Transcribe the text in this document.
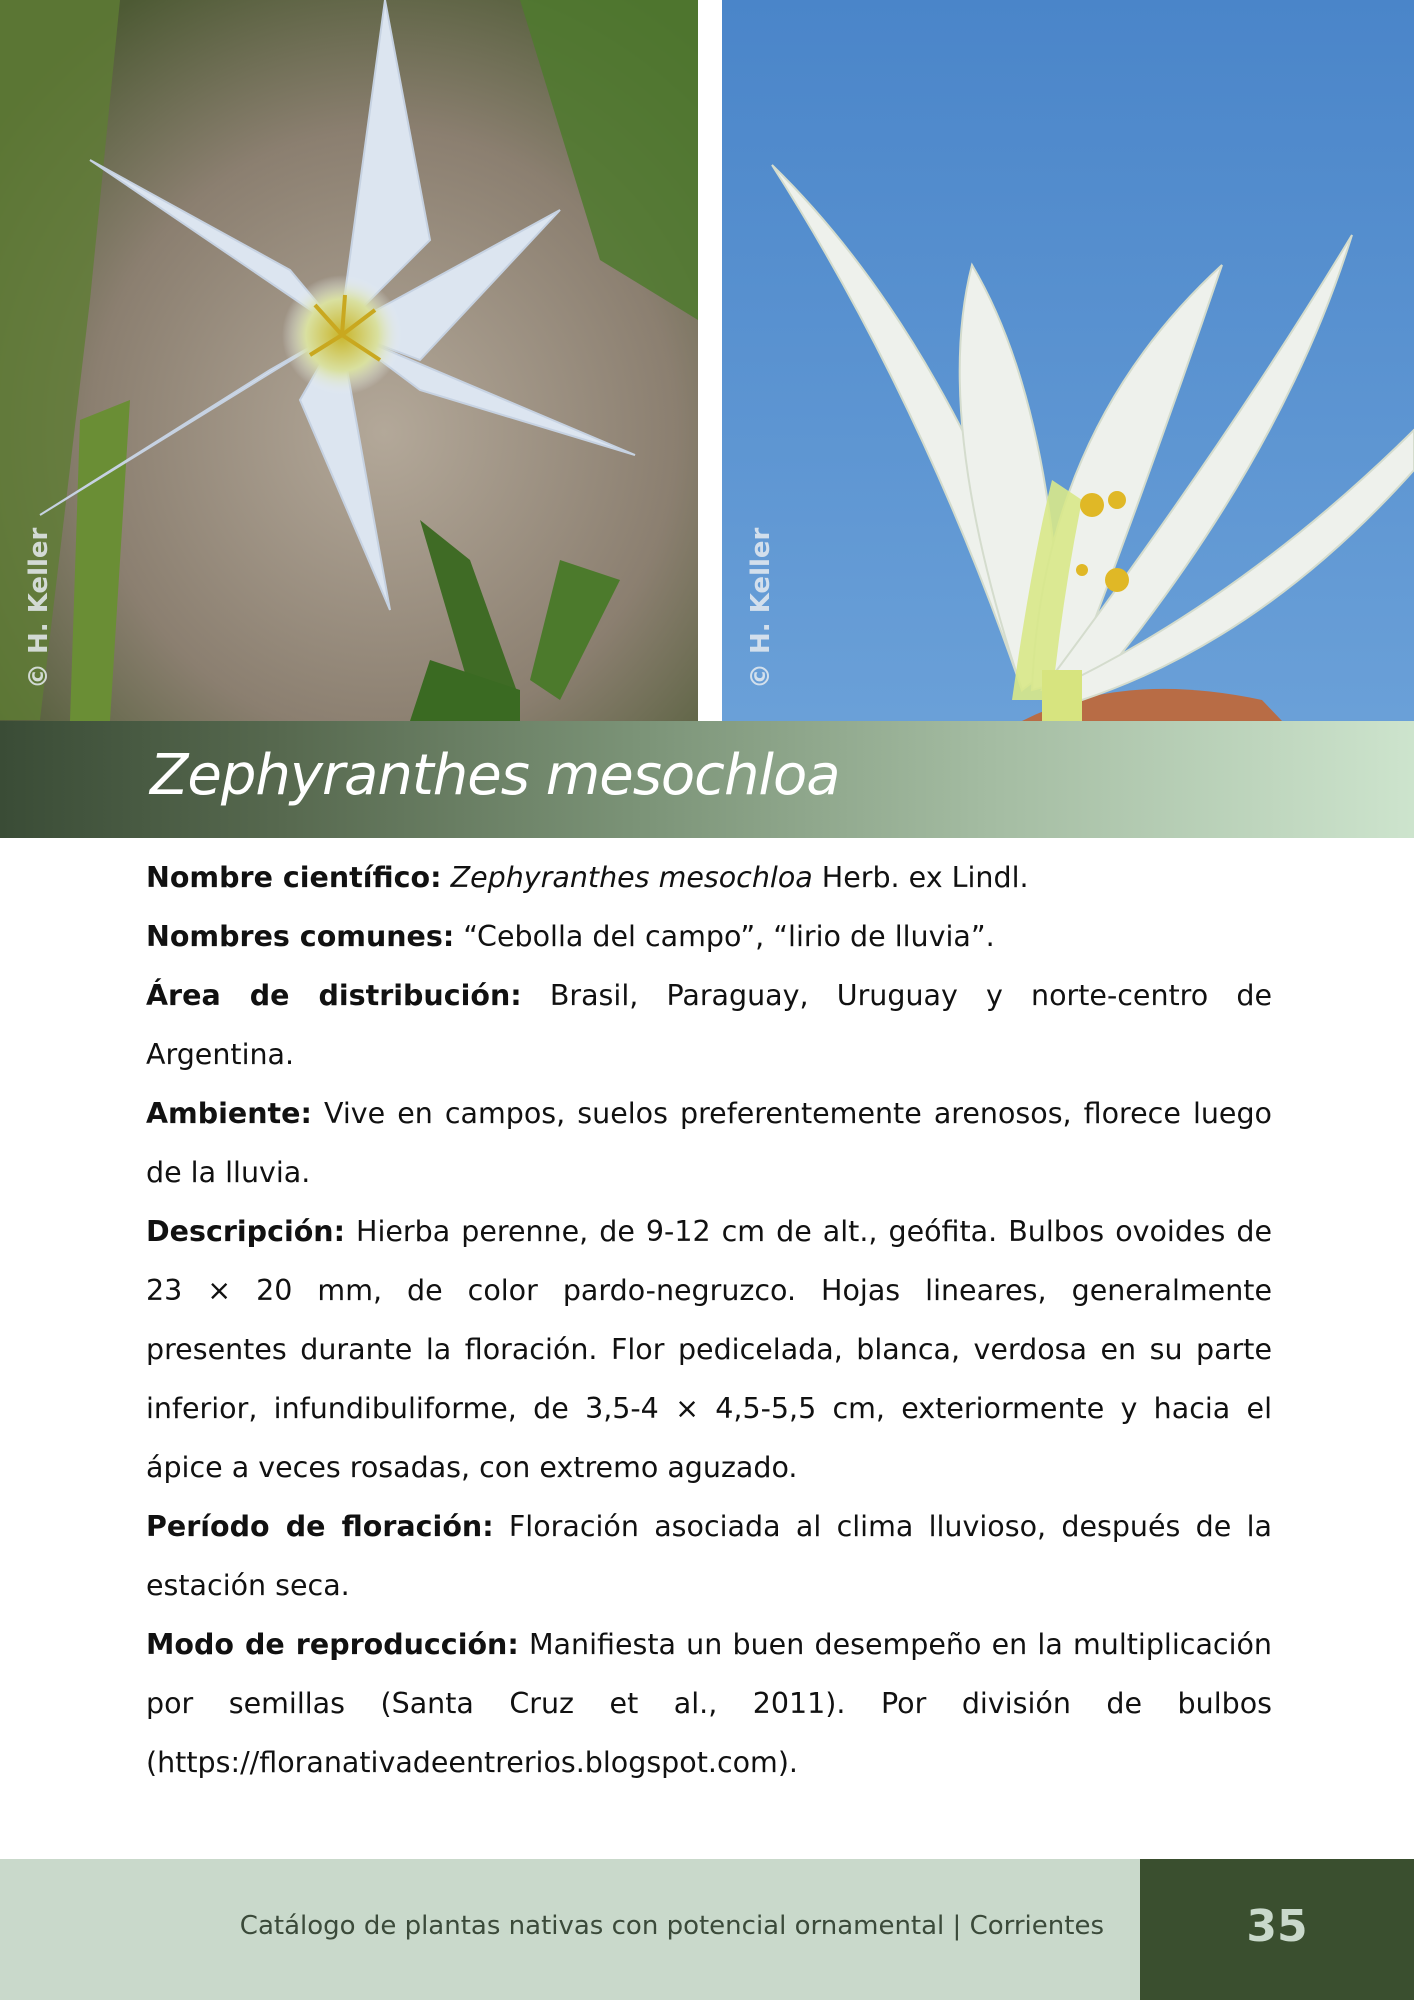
© H. Keller	© H. Keller
Zephyranthes mesochloa

Nombre científico: Zephyranthes mesochloa Herb. ex Lindl.

Nombres comunes: “Cebolla del campo”, “lirio de lluvia”.

Área de distribución: Brasil, Paraguay, Uruguay y norte-centro de Argentina.

Ambiente: Vive en campos, suelos preferentemente arenosos, florece luego de la lluvia.

Descripción: Hierba perenne, de 9-12 cm de alt., geófita. Bulbos ovoides de 23 × 20 mm, de color pardo-negruzco. Hojas lineares, generalmente presentes durante la floración. Flor pedicelada, blanca, verdosa en su parte inferior, infundibuliforme, de 3,5-4 × 4,5-5,5 cm, exteriormente y hacia el ápice a veces rosadas, con extremo aguzado.

Período de floración: Floración asociada al clima lluvioso, después de la estación seca.

Modo de reproducción: Manifiesta un buen desempeño en la multiplicación por semillas (Santa Cruz et al., 2011). Por división de bulbos (https://floranativadeentrerios.blogspot.com).

Catálogo de plantas nativas con potencial ornamental | Corrientes	35
